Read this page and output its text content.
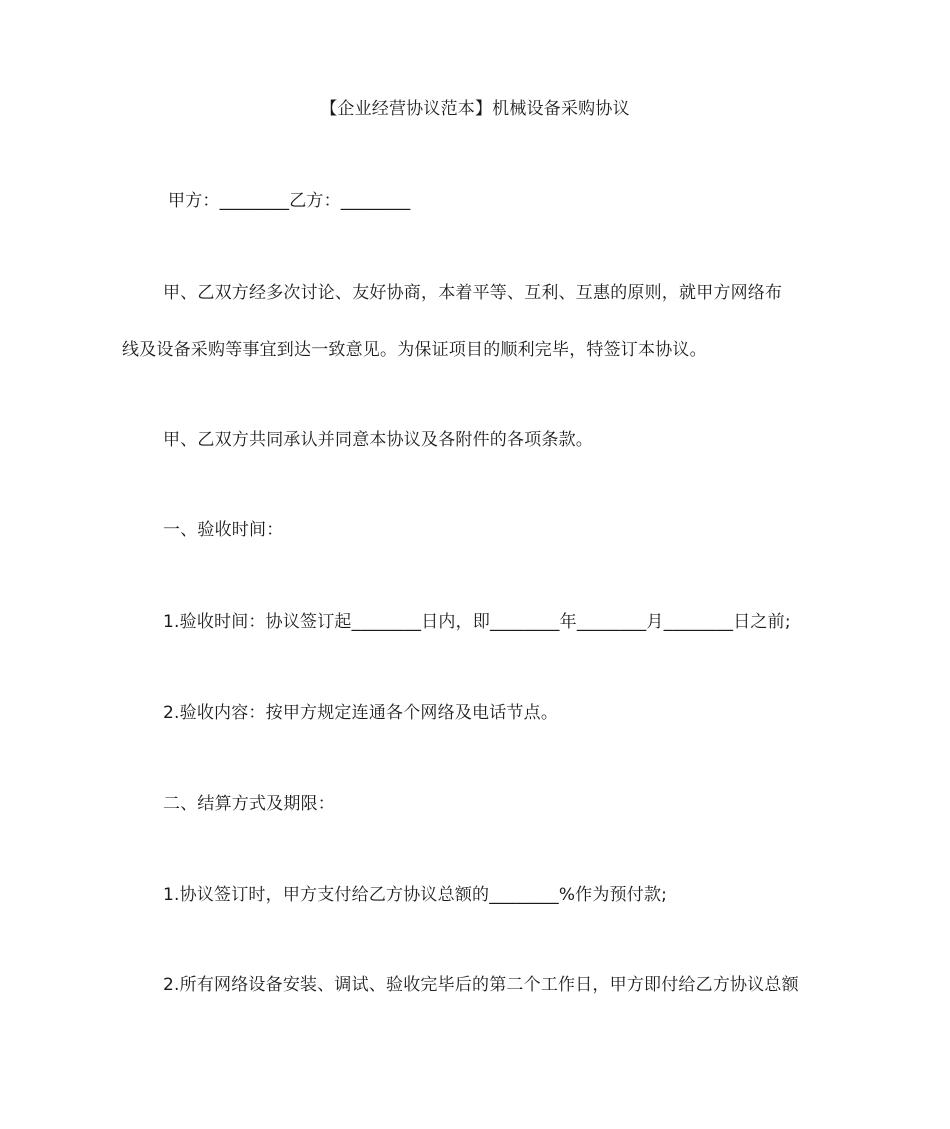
【企业经营协议范本】机械设备采购协议
甲方：________乙方：________
甲、乙双方经多次讨论、友好协商，本着平等、互利、互惠的原则，就甲方网络布
线及设备采购等事宜到达一致意见。为保证项目的顺利完毕，特签订本协议。
甲、乙双方共同承认并同意本协议及各附件的各项条款。
一、验收时间：
1.验收时间：协议签订起________日内，即________年________月________日之前;
2.验收内容：按甲方规定连通各个网络及电话节点。
二、结算方式及期限：
1.协议签订时，甲方支付给乙方协议总额的________%作为预付款;
2.所有网络设备安装、调试、验收完毕后的第二个工作日，甲方即付给乙方协议总额
